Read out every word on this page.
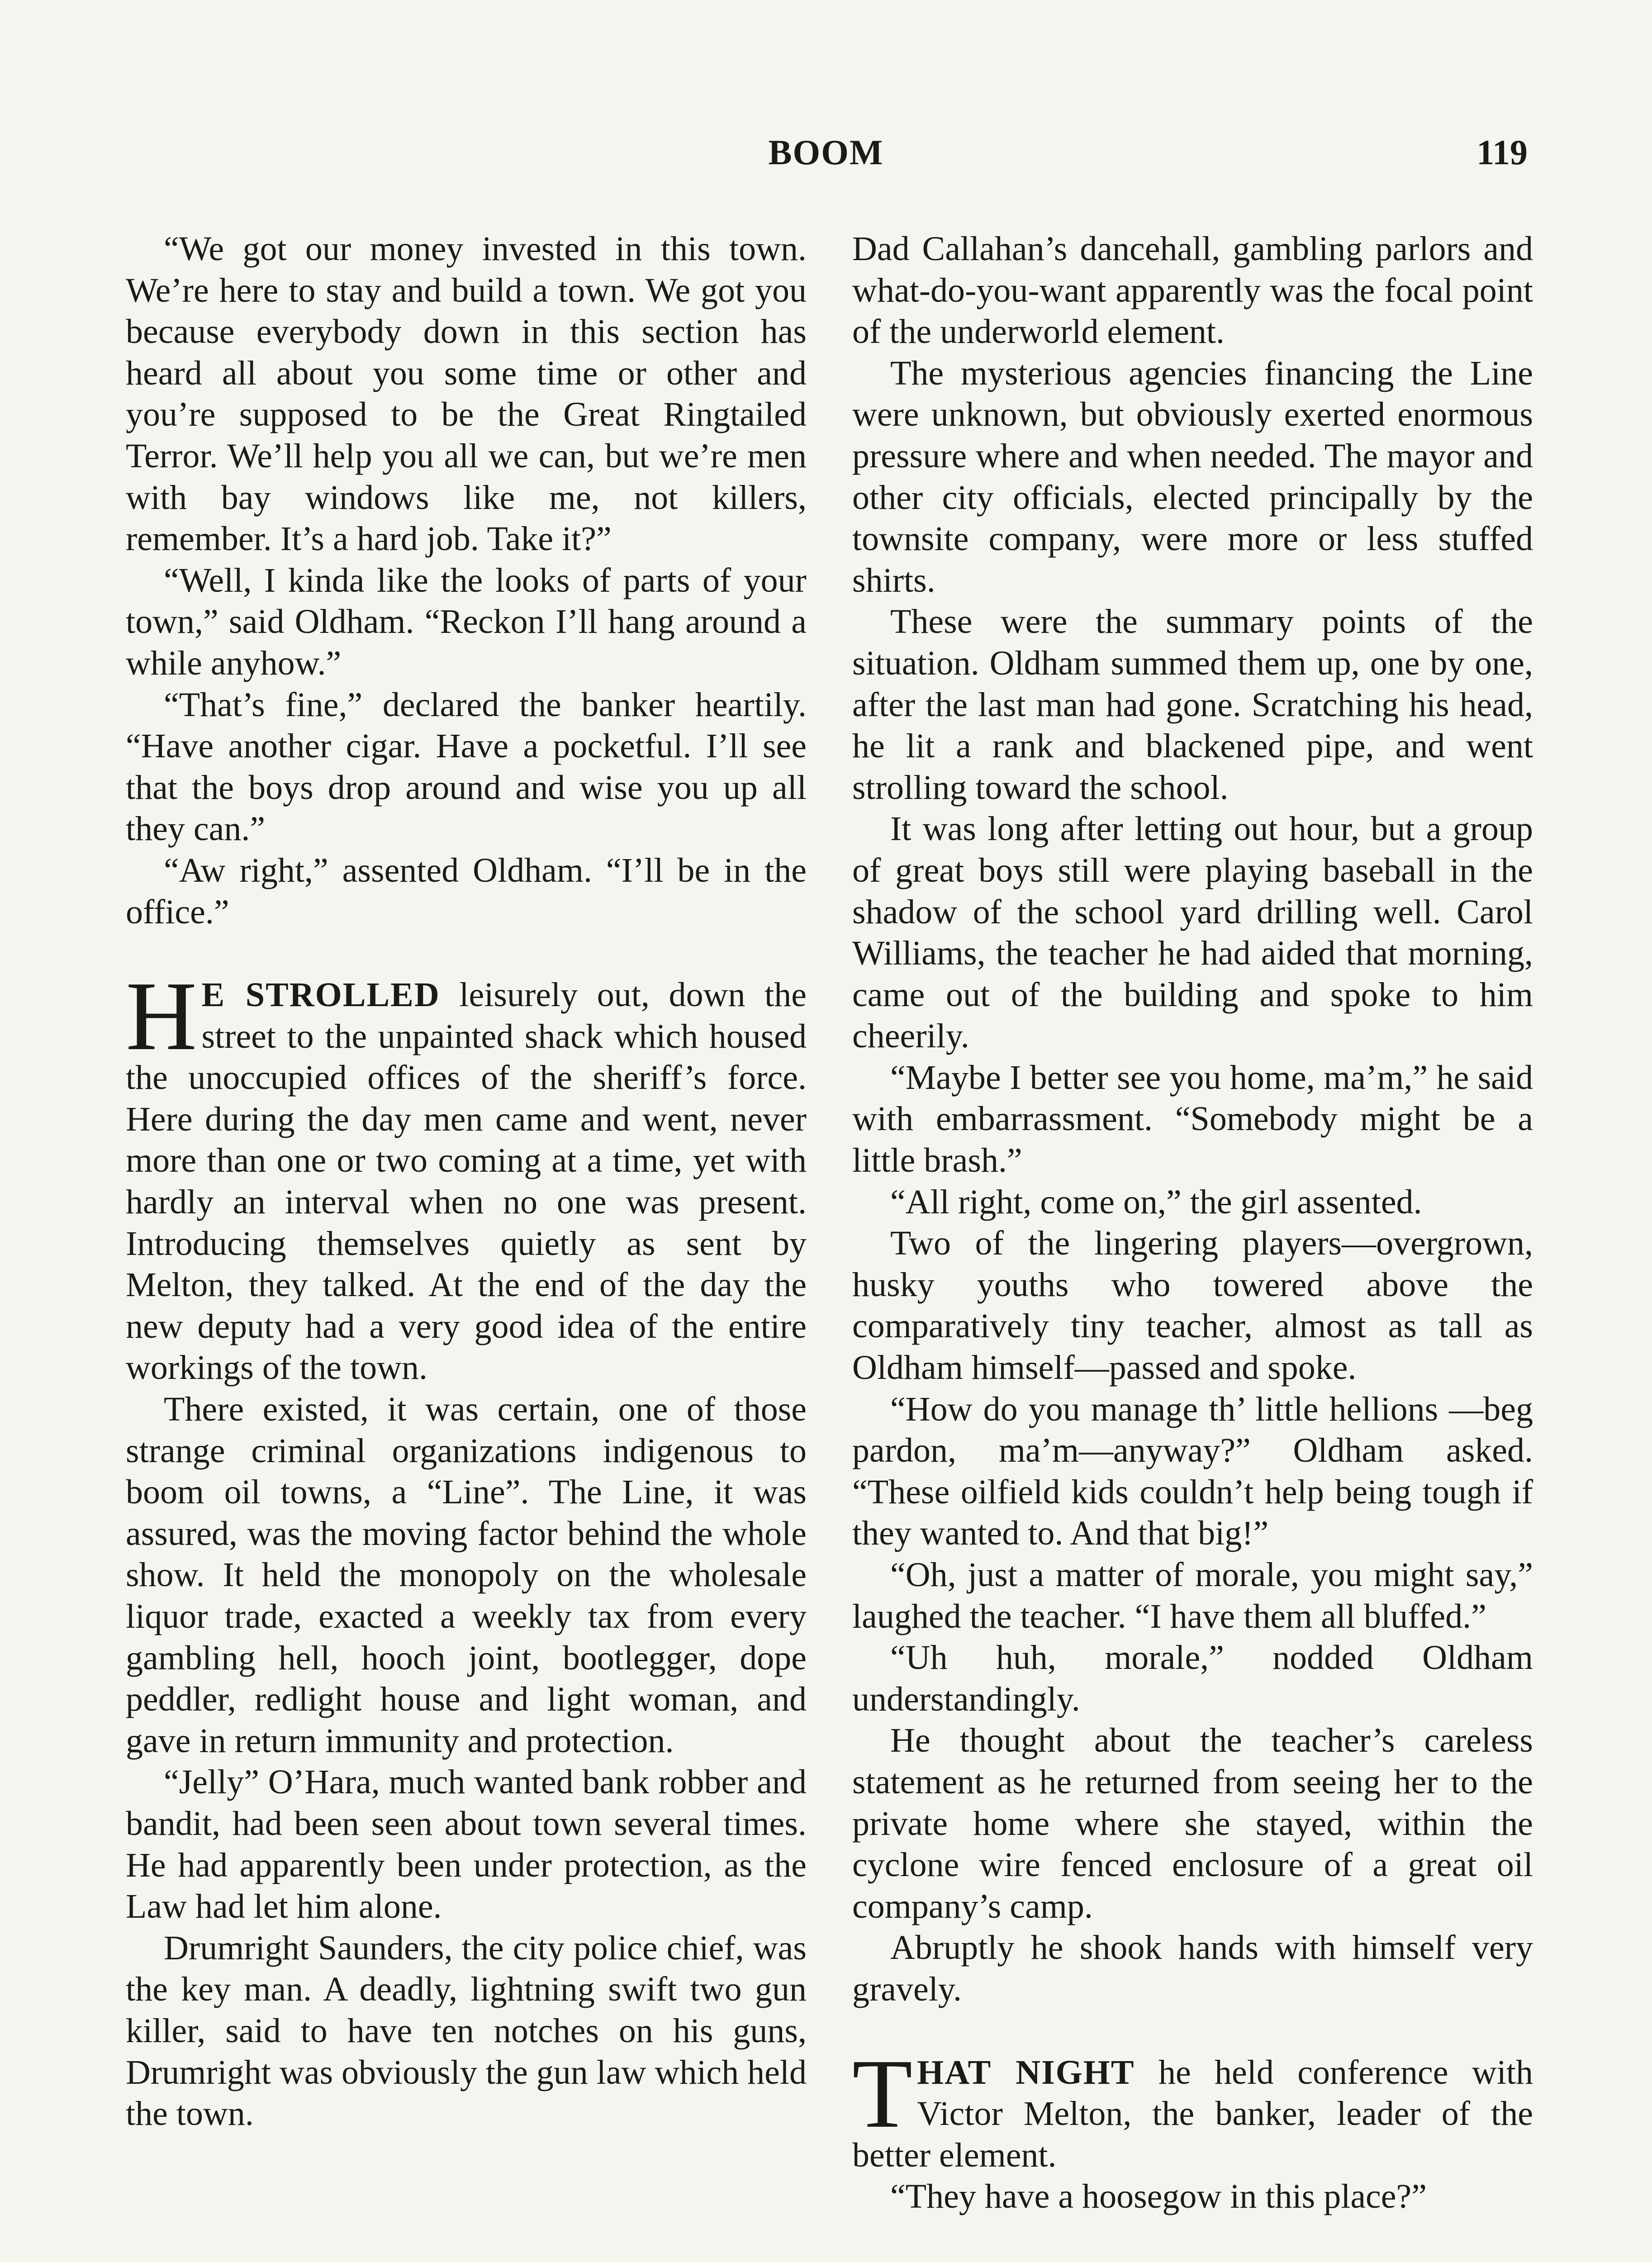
BOOM	119

“We got our money invested in this town. We’re here to stay and build a town. We got you because everybody down in this section has heard all about you some time or other and you’re supposed to be the Great Ringtailed Terror. We’ll help you all we can, but we’re men with bay windows like me, not killers, remember. It’s a hard job. Take it?”

“Well, I kinda like the looks of parts of your town,” said Oldham. “Reckon I’ll hang around a while anyhow.”

“That’s fine,” declared the banker heartily. “Have another cigar. Have a pocketful. I’ll see that the boys drop around and wise you up all they can.”

“Aw right,” assented Oldham. “I’ll be in the office.”

H E STROLLED leisurely out, down the street to the unpainted shack which housed the unoccupied offices of the sheriff’s force. Here during the day men came and went, never more than one or two coming at a time, yet with hardly an interval when no one was present. Introducing themselves quietly as sent by Melton, they talked. At the end of the day the new deputy had a very good idea of the entire workings of the town.

There existed, it was certain, one of those strange criminal organizations indigenous to boom oil towns, a “Line”. The Line, it was assured, was the moving factor behind the whole show. It held the monopoly on the wholesale liquor trade, exacted a weekly tax from every gambling hell, hooch joint, bootlegger, dope peddler, redlight house and light woman, and gave in return immunity and protection.

“Jelly” O’Hara, much wanted bank robber and bandit, had been seen about town several times. He had apparently been under protection, as the Law had let him alone.

Drumright Saunders, the city police chief, was the key man. A deadly, lightning swift two gun killer, said to have ten notches on his guns, Drumright was obviously the gun law which held the town.

Dad Callahan’s dancehall, gambling parlors and what-do-you-want apparently was the focal point of the underworld element.

The mysterious agencies financing the Line were unknown, but obviously exerted enormous pressure where and when needed. The mayor and other city officials, elected principally by the townsite company, were more or less stuffed shirts.

These were the summary points of the situation. Oldham summed them up, one by one, after the last man had gone. Scratching his head, he lit a rank and blackened pipe, and went strolling toward the school.

It was long after letting out hour, but a group of great boys still were playing baseball in the shadow of the school yard drilling well. Carol Williams, the teacher he had aided that morning, came out of the building and spoke to him cheerily.

“Maybe I better see you home, ma’m,” he said with embarrassment. “Somebody might be a little brash.”

“All right, come on,” the girl assented.

Two of the lingering players—overgrown, husky youths who towered above the comparatively tiny teacher, almost as tall as Oldham himself—passed and spoke.

“How do you manage th’ little hellions —beg pardon, ma’m—anyway?” Oldham asked. “These oilfield kids couldn’t help being tough if they wanted to. And that big!”

“Oh, just a matter of morale, you might say,” laughed the teacher. “I have them all bluffed.”

“Uh huh, morale,” nodded Oldham understandingly.

He thought about the teacher’s careless statement as he returned from seeing her to the private home where she stayed, within the cyclone wire fenced enclosure of a great oil company’s camp.

Abruptly he shook hands with himself very gravely.

THAT NIGHT he held conference with Victor Melton, the banker, leader of the better element.

“They have a hoosegow in this place?”
